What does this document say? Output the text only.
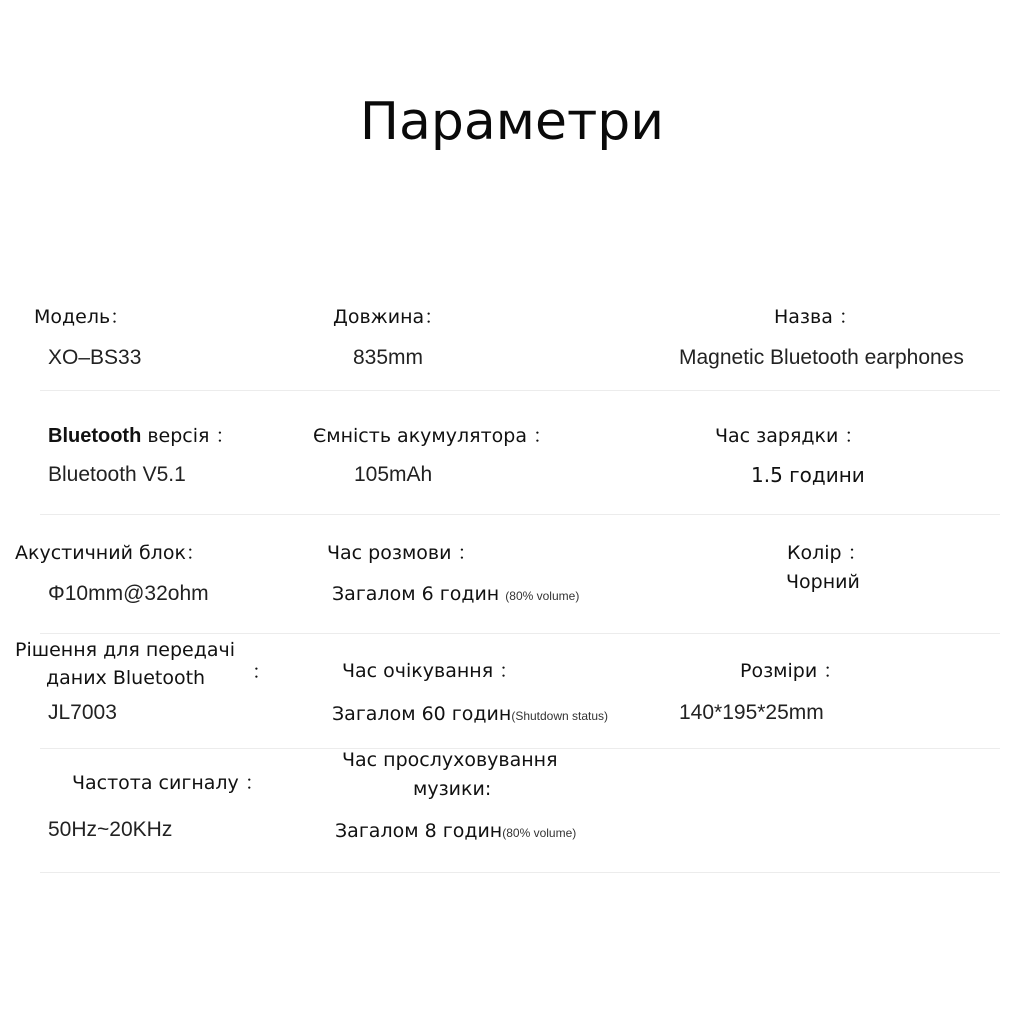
Параметри
Модель：
XO–BS33
Довжина：
835mm
Назва ：
Magnetic Bluetooth earphones
Bluetooth версія ：
Bluetooth V5.1
Ємність акумулятора ：
105mAh
Час зарядки ：
1.5 години
Акустичний блок：
Φ10mm@32ohm
Час розмови ：
Загалом 6 годин (80% volume)
Колір ：
Чорний
Рішення для передачі
даних Bluetooth ：
JL7003
Час очікування ：
Загалом 60 годин(Shutdown status)
Розміри ：
140*195*25mm
Частота сигналу ：
50Hz~20KHz
Час прослуховування
музики:
Загалом 8 годин(80% volume)
